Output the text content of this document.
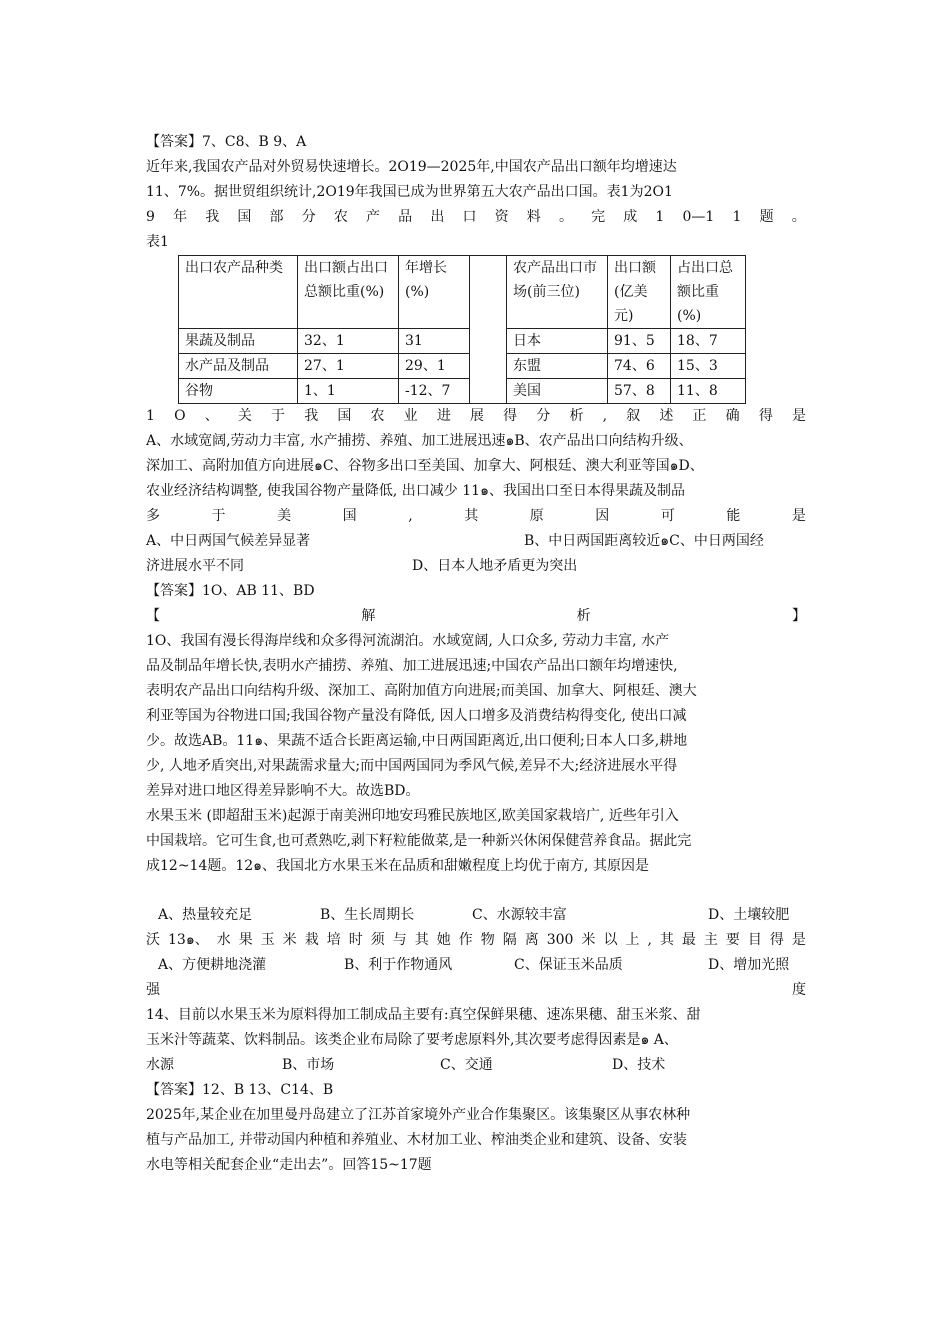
【答案】7、C8、B 9、A
近年来,我国农产品对外贸易快速增长。2O19—2025年,中国农产品出口额年均增速达
11、7%。据世贸组织统计,2O19年我国已成为世界第五大农产品出口国。表1为2O1
9 年 我 国 部 分 农 产 品 出 口 资 料 。 完 成 1 0—1 1 题 。
表1
出口农产品种类	出口额占出口总额比重(%)	年增长(%)		农产品出口市场(前三位)	出口额(亿美元)	占出口总额比重(%)
果蔬及制品	32、1	31		日本	91、5	18、7
水产品及制品	27、1	29、1		东盟	74、6	15、3
谷物	1、1	-12、7		美国	57、8	11、8
1 O 、 关 于 我 国 农 业 进 展 得 分 析 , 叙 述 正 确 得 是
A、水域宽阔,劳动力丰富, 水产捕捞、养殖、加工进展迅速๑B、农产品出口向结构升级、
深加工、高附加值方向进展๑C、谷物多出口至美国、加拿大、阿根廷、澳大利亚等国๑D、
农业经济结构调整, 使我国谷物产量降低, 出口减少 11๑、我国出口至日本得果蔬及制品
多	于	美	国	,	其	原	因	可	能	是
A、中日两国气候差异显著	B、中日两国距离较近๑C、中日两国经
济进展水平不同	D、日本人地矛盾更为突出
【答案】1O、AB 11、BD
【	解	析	】
1O、我国有漫长得海岸线和众多得河流湖泊。水域宽阔, 人口众多, 劳动力丰富, 水产
品及制品年增长快,表明水产捕捞、养殖、加工进展迅速;中国农产品出口额年均增速快,
表明农产品出口向结构升级、深加工、高附加值方向进展;而美国、加拿大、阿根廷、澳大
利亚等国为谷物进口国;我国谷物产量没有降低, 因人口增多及消费结构得变化, 使出口减
少。故选AB。11๑、果蔬不适合长距离运输,中日两国距离近,出口便利;日本人口多,耕地
少, 人地矛盾突出,对果蔬需求量大;而中国两国同为季风气候,差异不大;经济进展水平得
差异对进口地区得差异影响不大。故选BD。
水果玉米 (即超甜玉米)起源于南美洲印地安玛雅民族地区,欧美国家栽培广, 近些年引入
中国栽培。它可生食,也可煮熟吃,剥下籽粒能做菜,是一种新兴休闲保健营养食品。据此完
成12~14题。12๑、我国北方水果玉米在品质和甜嫩程度上均优于南方, 其原因是
A、热量较充足	B、生长周期长	C、水源较丰富	D、土壤较肥
沃 13๑、 水 果 玉 米 栽 培 时 须 与 其 她 作 物 隔 离 300 米 以 上 , 其 最 主 要 目 得 是
A、方便耕地浇灌	B、利于作物通风	C、保证玉米品质	D、增加光照
强	度
14、目前以水果玉米为原料得加工制成品主要有:真空保鲜果穗、速冻果穗、甜玉米浆、甜
玉米汁等蔬菜、饮料制品。该类企业布局除了要考虑原料外,其次要考虑得因素是๑ A、
水源	B、市场	C、交通	D、技术
【答案】12、B 13、C14、B
2025年,某企业在加里曼丹岛建立了江苏首家境外产业合作集聚区。该集聚区从事农林种
植与产品加工, 并带动国内种植和养殖业、木材加工业、榨油类企业和建筑、设备、安装
水电等相关配套企业“走出去”。回答15~17题
